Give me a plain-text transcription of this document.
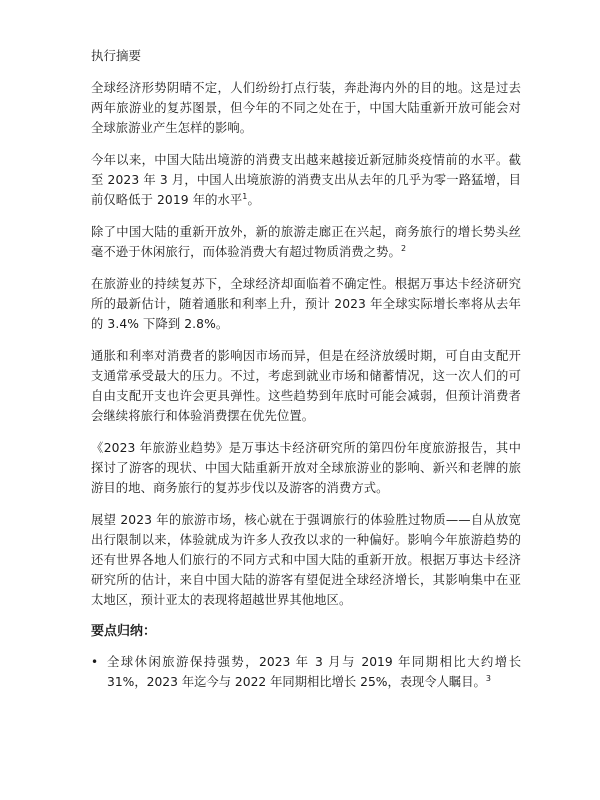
执行摘要

全球经济形势阴晴不定，人们纷纷打点行装，奔赴海内外的目的地。这是过去两年旅游业的复苏图景，但今年的不同之处在于，中国大陆重新开放可能会对全球旅游业产生怎样的影响。

今年以来，中国大陆出境游的消费支出越来越接近新冠肺炎疫情前的水平。截至 2023 年 3 月，中国人出境旅游的消费支出从去年的几乎为零一路猛增，目前仅略低于 2019 年的水平$^1$。

除了中国大陆的重新开放外，新的旅游走廊正在兴起，商务旅行的增长势头丝毫不逊于休闲旅行，而体验消费大有超过物质消费之势。$^2$

在旅游业的持续复苏下，全球经济却面临着不确定性。根据万事达卡经济研究所的最新估计，随着通胀和利率上升，预计 2023 年全球实际增长率将从去年的 3.4% 下降到 2.8%。

通胀和利率对消费者的影响因市场而异，但是在经济放缓时期，可自由支配开支通常承受最大的压力。不过，考虑到就业市场和储蓄情况，这一次人们的可自由支配开支也许会更具弹性。这些趋势到年底时可能会减弱，但预计消费者会继续将旅行和体验消费摆在优先位置。

《2023 年旅游业趋势》是万事达卡经济研究所的第四份年度旅游报告，其中探讨了游客的现状、中国大陆重新开放对全球旅游业的影响、新兴和老牌的旅游目的地、商务旅行的复苏步伐以及游客的消费方式。

展望 2023 年的旅游市场，核心就在于强调旅行的体验胜过物质——自从放宽出行限制以来，体验就成为许多人孜孜以求的一种偏好。影响今年旅游趋势的还有世界各地人们旅行的不同方式和中国大陆的重新开放。根据万事达卡经济研究所的估计，来自中国大陆的游客有望促进全球经济增长，其影响集中在亚太地区，预计亚太的表现将超越世界其他地区。

要点归纳：
• 全球休闲旅游保持强势，2023 年 3 月与 2019 年同期相比大约增长 31%，2023 年迄今与 2022 年同期相比增长 25%，表现令人瞩目。$^3$
